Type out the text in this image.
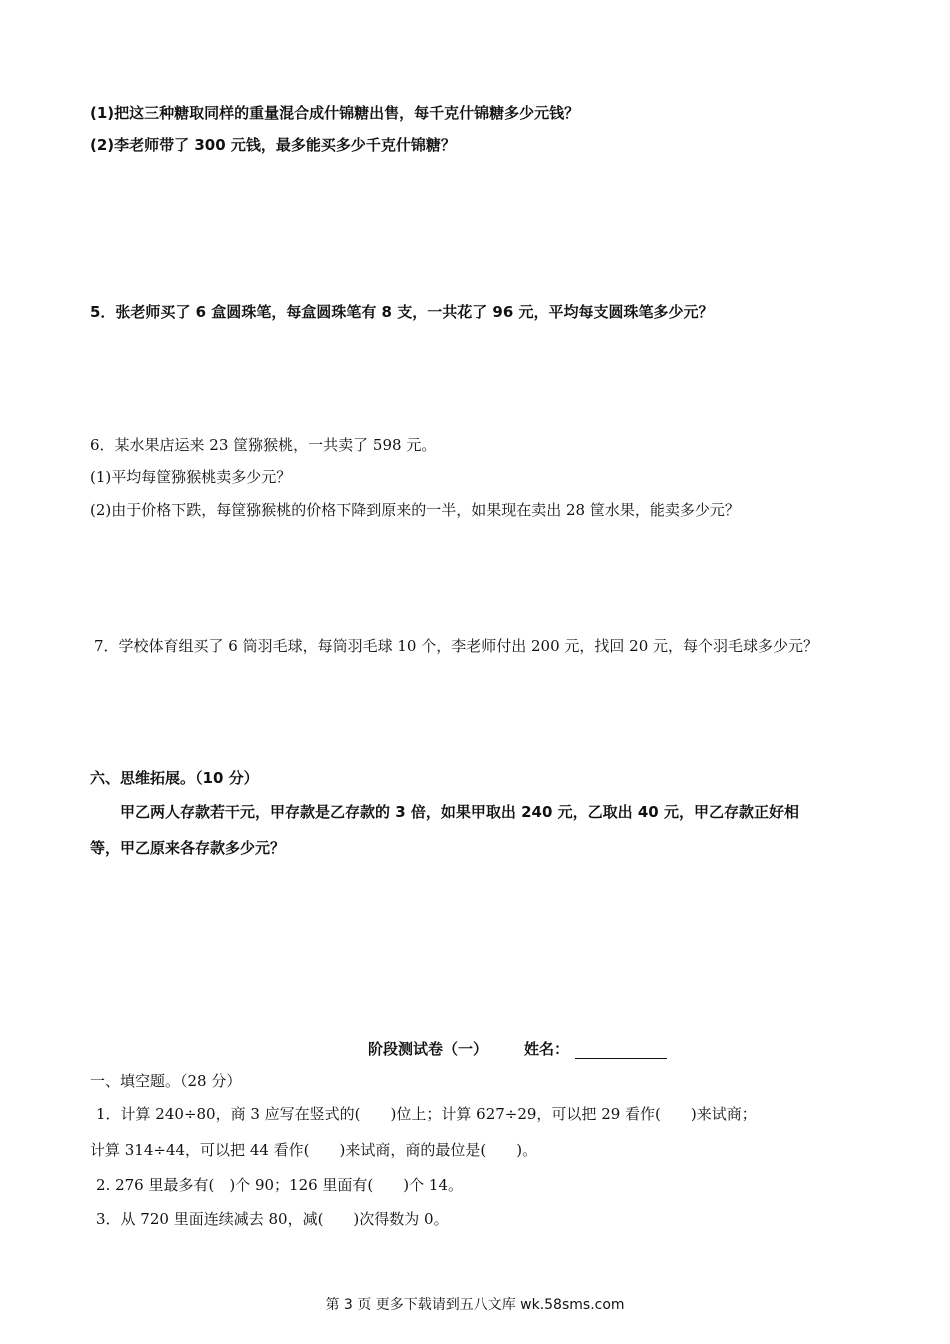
(1)把这三种糖取同样的重量混合成什锦糖出售，每千克什锦糖多少元钱？
(2)李老师带了 300 元钱，最多能买多少千克什锦糖？
5．张老师买了 6 盒圆珠笔，每盒圆珠笔有 8 支，一共花了 96 元，平均每支圆珠笔多少元？
6．某水果店运来 23 筐猕猴桃，一共卖了 598 元。
(1)平均每筐猕猴桃卖多少元？
(2)由于价格下跌，每筐猕猴桃的价格下降到原来的一半，如果现在卖出 28 筐水果，能卖多少元？
7．学校体育组买了 6 筒羽毛球，每筒羽毛球 10 个，李老师付出 200 元，找回 20 元，每个羽毛球多少元？
六、思维拓展。（10 分）
甲乙两人存款若干元，甲存款是乙存款的 3 倍，如果甲取出 240 元，乙取出 40 元，甲乙存款正好相
等，甲乙原来各存款多少元？
阶段测试卷（一） 姓名：
一、填空题。（28 分）
1．计算 240÷80，商 3 应写在竖式的(　　)位上；计算 627÷29，可以把 29 看作(　　)来试商；
计算 314÷44，可以把 44 看作(　　)来试商，商的最位是(　　)。
2. 276 里最多有(　)个 90；126 里面有(　　)个 14。
3．从 720 里面连续减去 80，减(　　)次得数为 0。
第 3 页 更多下载请到五八文库 wk.58sms.com
